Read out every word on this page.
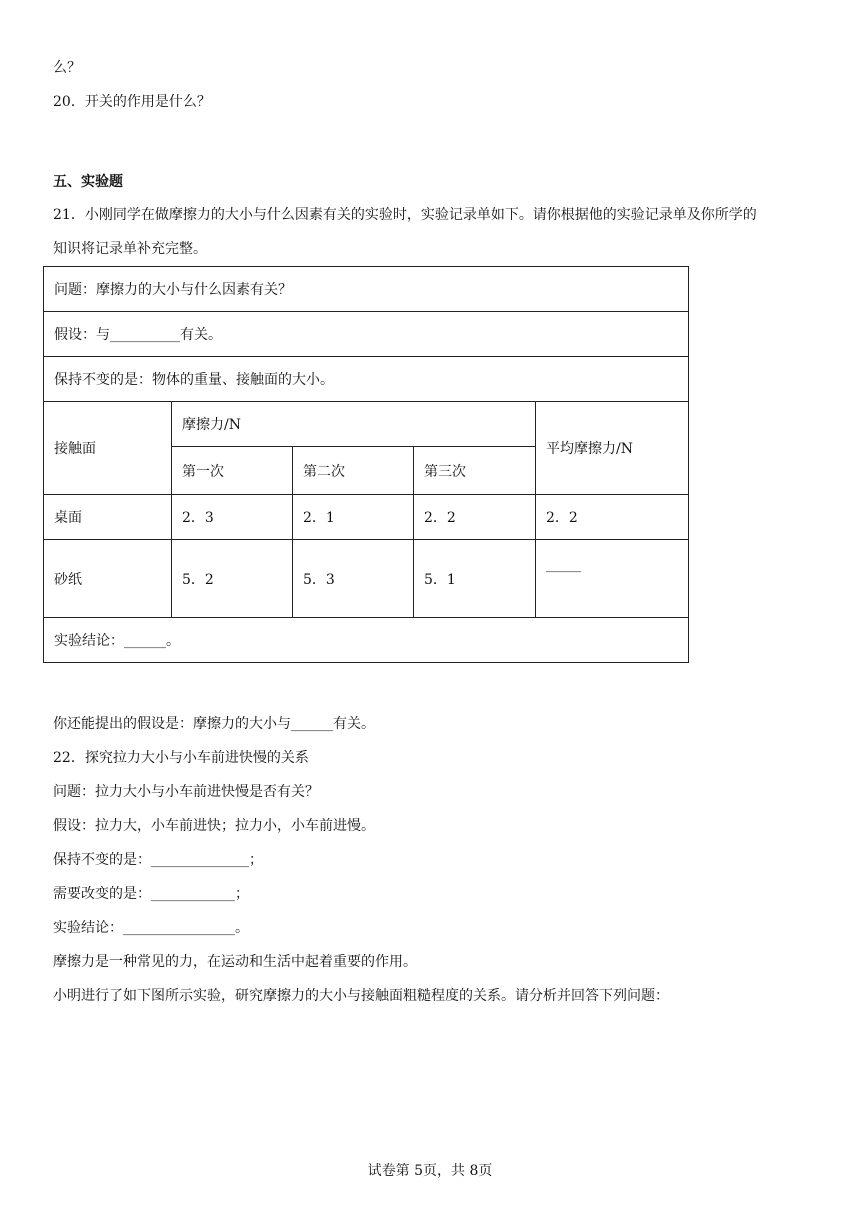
么？
20．开关的作用是什么？
五、实验题
21．小刚同学在做摩擦力的大小与什么因素有关的实验时，实验记录单如下。请你根据他的实验记录单及你所学的
知识将记录单补充完整。
问题：摩擦力的大小与什么因素有关？				
假设：与__________有关。				
保持不变的是：物体的重量、接触面的大小。				
接触面	摩擦力/N			平均摩擦力/N
	第一次	第二次	第三次	
桌面	2．3	2．1	2．2	2．2
砂纸	5．2	5．3	5．1	_____

实验结论：______。				
你还能提出的假设是：摩擦力的大小与______有关。
22．探究拉力大小与小车前进快慢的关系
问题：拉力大小与小车前进快慢是否有关？
假设：拉力大，小车前进快；拉力小，小车前进慢。
保持不变的是：______________；
需要改变的是：____________；
实验结论：________________。
摩擦力是一种常见的力，在运动和生活中起着重要的作用。
小明进行了如下图所示实验，研究摩擦力的大小与接触面粗糙程度的关系。请分析并回答下列问题：
试卷第 5页，共 8页
